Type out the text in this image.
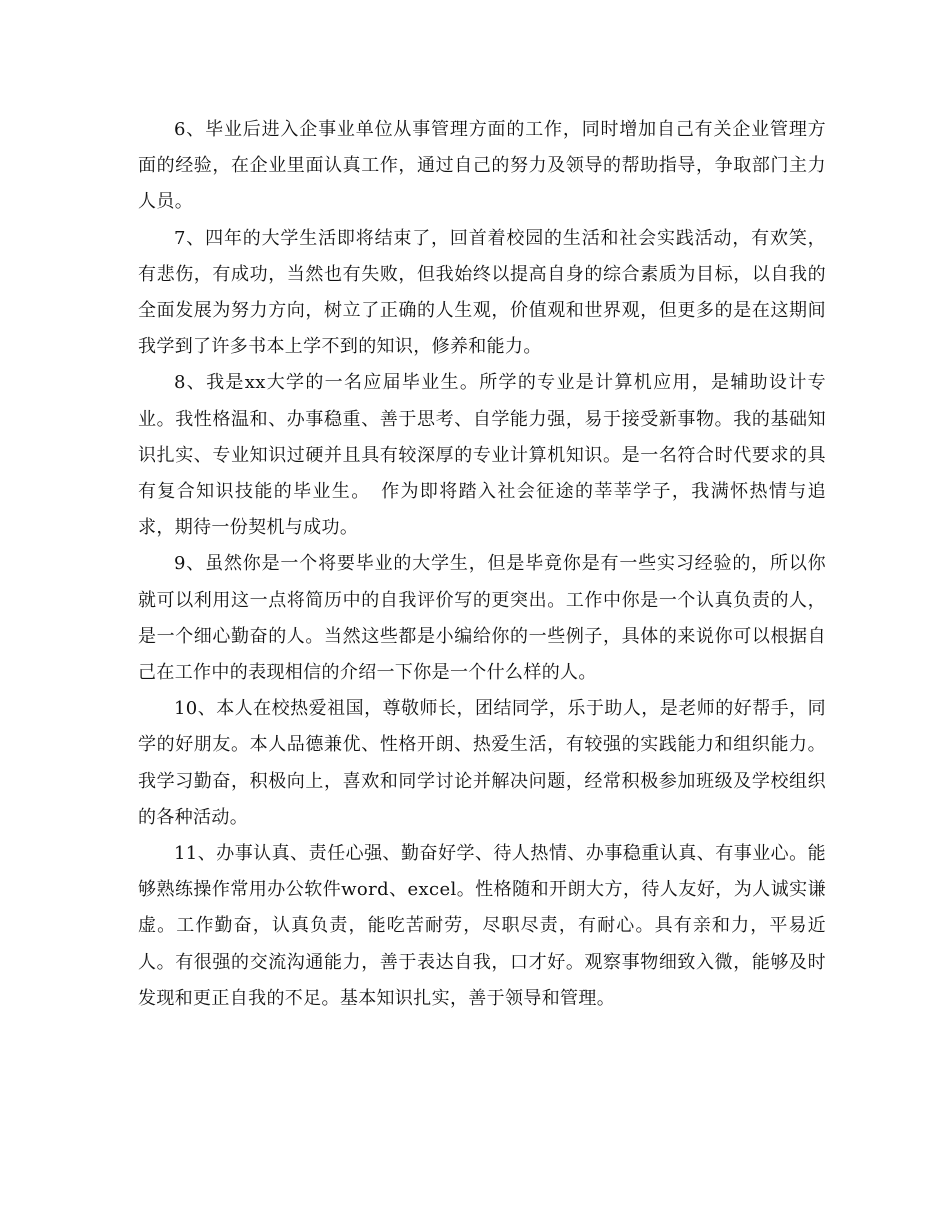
6、毕业后进入企事业单位从事管理方面的工作，同时增加自己有关企业管理方面的经验，在企业里面认真工作，通过自己的努力及领导的帮助指导，争取部门主力人员。

7、四年的大学生活即将结束了，回首着校园的生活和社会实践活动，有欢笑，有悲伤，有成功，当然也有失败，但我始终以提高自身的综合素质为目标，以自我的全面发展为努力方向，树立了正确的人生观，价值观和世界观，但更多的是在这期间我学到了许多书本上学不到的知识，修养和能力。

8、我是xx大学的一名应届毕业生。所学的专业是计算机应用，是辅助设计专业。我性格温和、办事稳重、善于思考、自学能力强，易于接受新事物。我的基础知识扎实、专业知识过硬并且具有较深厚的专业计算机知识。是一名符合时代要求的具有复合知识技能的毕业生。　作为即将踏入社会征途的莘莘学子，我满怀热情与追求，期待一份契机与成功。

9、虽然你是一个将要毕业的大学生，但是毕竟你是有一些实习经验的，所以你就可以利用这一点将简历中的自我评价写的更突出。工作中你是一个认真负责的人，是一个细心勤奋的人。当然这些都是小编给你的一些例子，具体的来说你可以根据自己在工作中的表现相信的介绍一下你是一个什么样的人。

10、本人在校热爱祖国，尊敬师长，团结同学，乐于助人，是老师的好帮手，同学的好朋友。本人品德兼优、性格开朗、热爱生活，有较强的实践能力和组织能力。我学习勤奋，积极向上，喜欢和同学讨论并解决问题，经常积极参加班级及学校组织的各种活动。

11、办事认真、责任心强、勤奋好学、待人热情、办事稳重认真、有事业心。能够熟练操作常用办公软件word、excel。性格随和开朗大方，待人友好，为人诚实谦虚。工作勤奋，认真负责，能吃苦耐劳，尽职尽责，有耐心。具有亲和力，平易近人。有很强的交流沟通能力，善于表达自我，口才好。观察事物细致入微，能够及时发现和更正自我的不足。基本知识扎实，善于领导和管理。
